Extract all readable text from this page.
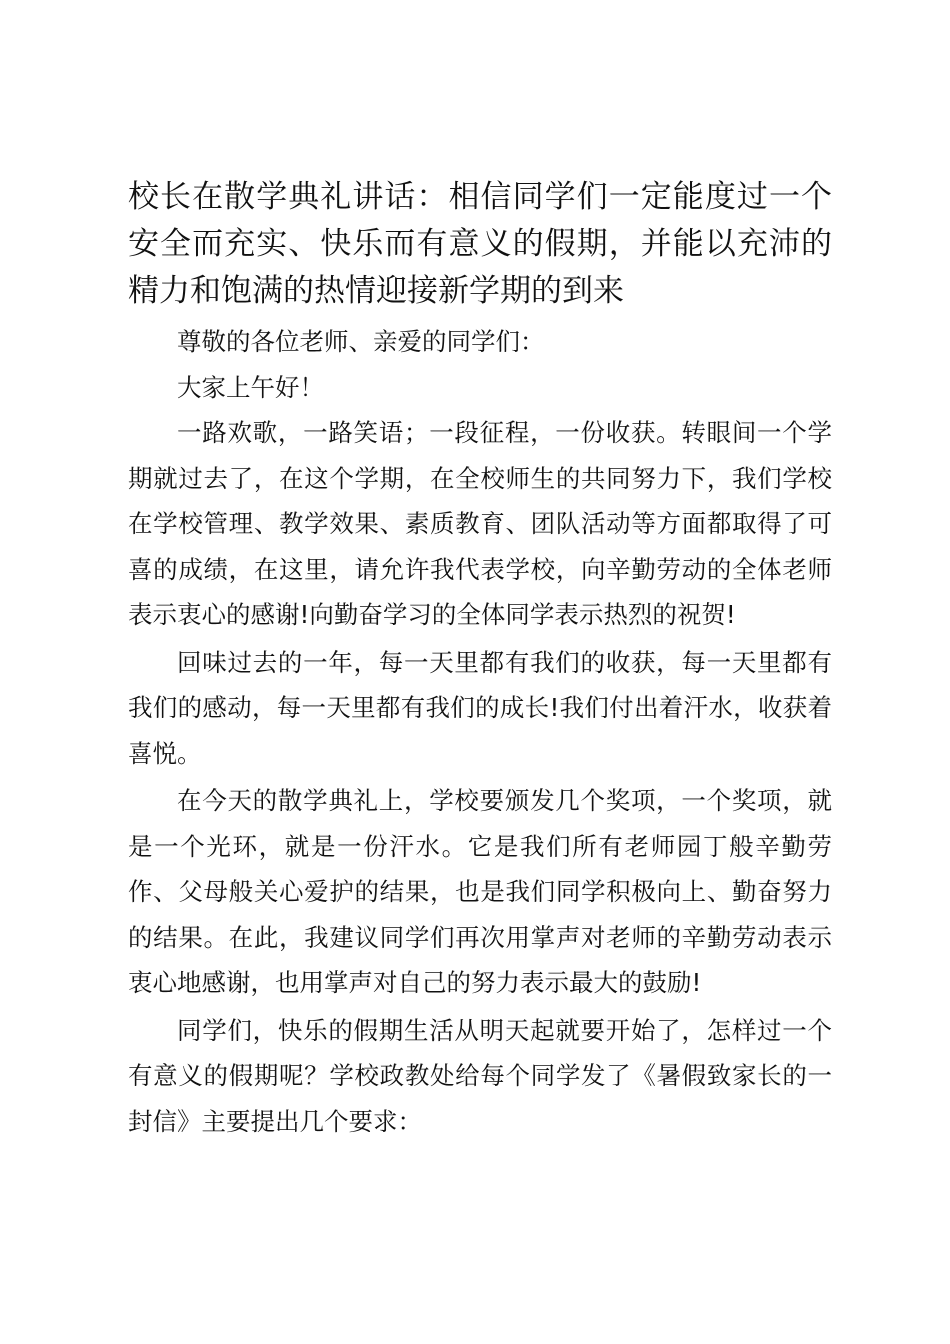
校长在散学典礼讲话：相信同学们一定能度过一个安全而充实、快乐而有意义的假期，并能以充沛的精力和饱满的热情迎接新学期的到来

尊敬的各位老师、亲爱的同学们：

大家上午好！

一路欢歌，一路笑语；一段征程，一份收获。转眼间一个学期就过去了，在这个学期，在全校师生的共同努力下，我们学校在学校管理、教学效果、素质教育、团队活动等方面都取得了可喜的成绩，在这里，请允许我代表学校，向辛勤劳动的全体老师表示衷心的感谢!向勤奋学习的全体同学表示热烈的祝贺!

回味过去的一年，每一天里都有我们的收获，每一天里都有我们的感动，每一天里都有我们的成长!我们付出着汗水，收获着喜悦。

在今天的散学典礼上，学校要颁发几个奖项，一个奖项，就是一个光环，就是一份汗水。它是我们所有老师园丁般辛勤劳作、父母般关心爱护的结果，也是我们同学积极向上、勤奋努力的结果。在此，我建议同学们再次用掌声对老师的辛勤劳动表示衷心地感谢，也用掌声对自己的努力表示最大的鼓励!

同学们，快乐的假期生活从明天起就要开始了，怎样过一个有意义的假期呢？学校政教处给每个同学发了《暑假致家长的一封信》主要提出几个要求：
